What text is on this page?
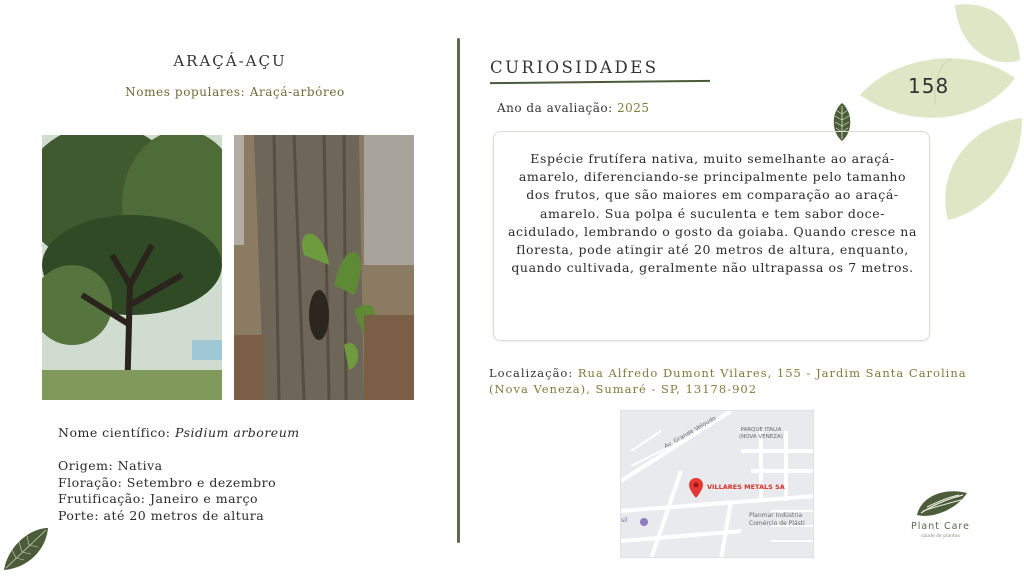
158
ARAÇÁ-AÇU
Nomes populares: Araçá-arbóreo
Nome científico: Psidium arboreum
Origem: Nativa
Floração: Setembro e dezembro
Frutificação: Janeiro e março
Porte: até 20 metros de altura
CURIOSIDADES
Ano da avaliação: 2025
Espécie frutífera nativa, muito semelhante ao araçá-amarelo, diferenciando-se principalmente pelo tamanho dos frutos, que são maiores em comparação ao araçá-amarelo. Sua polpa é suculenta e tem sabor doce-acidulado, lembrando o gosto da goiaba. Quando cresce na floresta, pode atingir até 20 metros de altura, enquanto, quando cultivada, geralmente não ultrapassa os 7 metros.
Localização: Rua Alfredo Dumont Vilares, 155 - Jardim Santa Carolina (Nova Veneza), Sumaré - SP, 13178-902
Av. Grande Veloudo	PARQUE ITALIA
(NOVA VENEZA)
VILLARES METALS SA
Planmar Indústria
Comércio de Plásti
sil
Plant Care
saúde de plantas
